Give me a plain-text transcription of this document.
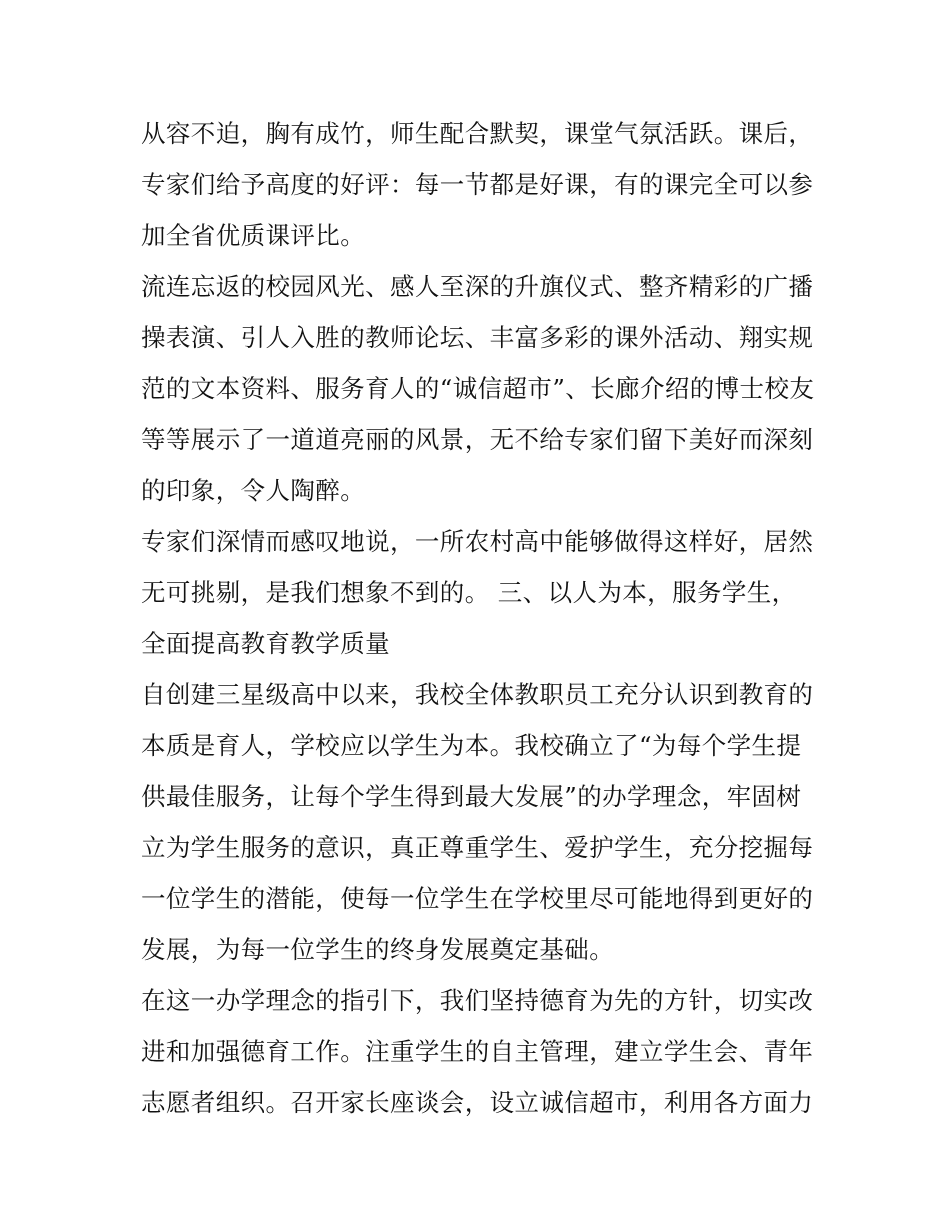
从容不迫，胸有成竹，师生配合默契，课堂气氛活跃。课后，
专家们给予高度的好评：每一节都是好课，有的课完全可以参
加全省优质课评比。
流连忘返的校园风光、感人至深的升旗仪式、整齐精彩的广播
操表演、引人入胜的教师论坛、丰富多彩的课外活动、翔实规
范的文本资料、服务育人的“诚信超市”、长廊介绍的博士校友
等等展示了一道道亮丽的风景，无不给专家们留下美好而深刻
的印象，令人陶醉。
专家们深情而感叹地说，一所农村高中能够做得这样好，居然
无可挑剔，是我们想象不到的。 三、以人为本，服务学生，
全面提高教育教学质量
自创建三星级高中以来，我校全体教职员工充分认识到教育的
本质是育人，学校应以学生为本。我校确立了“为每个学生提
供最佳服务，让每个学生得到最大发展”的办学理念，牢固树
立为学生服务的意识，真正尊重学生、爱护学生，充分挖掘每
一位学生的潜能，使每一位学生在学校里尽可能地得到更好的
发展，为每一位学生的终身发展奠定基础。
在这一办学理念的指引下，我们坚持德育为先的方针，切实改
进和加强德育工作。注重学生的自主管理，建立学生会、青年
志愿者组织。召开家长座谈会，设立诚信超市，利用各方面力
